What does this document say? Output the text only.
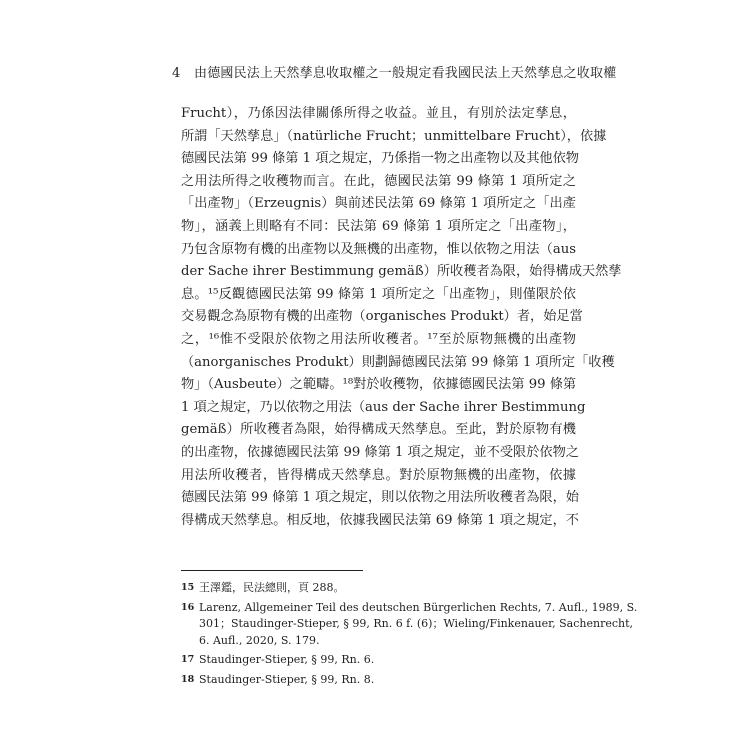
4 由德國民法上天然孳息收取權之一般規定看我國民法上天然孳息之收取權
Frucht），乃係因法律關係所得之收益。並且，有別於法定孳息，
所謂「天然孳息」（natürliche Frucht；unmittelbare Frucht），依據
德國民法第 99 條第 1 項之規定，乃係指一物之出產物以及其他依物
之用法所得之收穫物而言。在此，德國民法第 99 條第 1 項所定之
「出產物」（Erzeugnis）與前述民法第 69 條第 1 項所定之「出產
物」，涵義上則略有不同：民法第 69 條第 1 項所定之「出產物」，
乃包含原物有機的出產物以及無機的出產物，惟以依物之用法（aus
der Sache ihrer Bestimmung gemäß）所收穫者為限，始得構成天然孳
息。¹⁵反觀德國民法第 99 條第 1 項所定之「出產物」，則僅限於依
交易觀念為原物有機的出產物（organisches Produkt）者，始足當
之，¹⁶惟不受限於依物之用法所收穫者。¹⁷至於原物無機的出產物
（anorganisches Produkt）則劃歸德國民法第 99 條第 1 項所定「收穫
物」（Ausbeute）之範疇。¹⁸對於收穫物，依據德國民法第 99 條第
1 項之規定，乃以依物之用法（aus der Sache ihrer Bestimmung
gemäß）所收穫者為限，始得構成天然孳息。至此，對於原物有機
的出產物，依據德國民法第 99 條第 1 項之規定，並不受限於依物之
用法所收穫者，皆得構成天然孳息。對於原物無機的出產物，依據
德國民法第 99 條第 1 項之規定，則以依物之用法所收穫者為限，始
得構成天然孳息。相反地，依據我國民法第 69 條第 1 項之規定，不
15 王澤鑑，民法總則，頁 288。
16 Larenz, Allgemeiner Teil des deutschen Bürgerlichen Rechts, 7. Aufl., 1989, S.
301；Staudinger-Stieper, § 99, Rn. 6 f. (6)；Wieling/Finkenauer, Sachenrecht,
6. Aufl., 2020, S. 179.
17 Staudinger-Stieper, § 99, Rn. 6.
18 Staudinger-Stieper, § 99, Rn. 8.
